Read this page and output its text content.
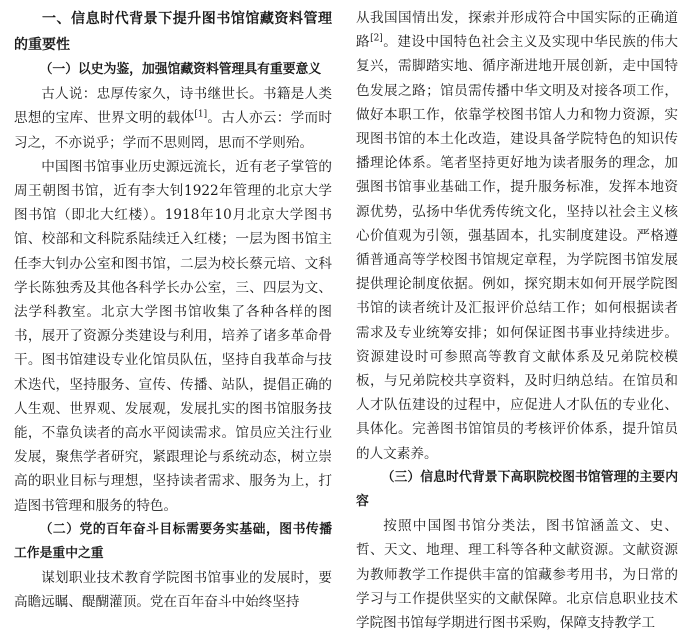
一、信息时代背景下提升图书馆馆藏资料管理的重要性

（一）以史为鉴，加强馆藏资料管理具有重要意义

古人说：忠厚传家久，诗书继世长。书籍是人类思想的宝库、世界文明的载体[1]。古人亦云：学而时习之，不亦说乎；学而不思则罔，思而不学则殆。

中国图书馆事业历史源远流长，近有老子掌管的周王朝图书馆，近有李大钊1922年管理的北京大学图书馆（即北大红楼）。1918年10月北京大学图书馆、校部和文科院系陆续迁入红楼；一层为图书馆主任李大钊办公室和图书馆，二层为校长蔡元培、文科学长陈独秀及其他各科学长办公室，三、四层为文、法学科教室。北京大学图书馆收集了各种各样的图书，展开了资源分类建设与利用，培养了诸多革命骨干。图书馆建设专业化馆员队伍，坚持自我革命与技术迭代，坚持服务、宣传、传播、站队，提倡正确的人生观、世界观、发展观，发展扎实的图书馆服务技能，不靠负读者的高水平阅读需求。馆员应关注行业发展，聚焦学者研究，紧跟理论与系统动态，树立崇高的职业目标与理想，坚持读者需求、服务为上，打造图书管理和服务的特色。

（二）党的百年奋斗目标需要务实基础，图书传播工作是重中之重

谋划职业技术教育学院图书馆事业的发展时，要高瞻远瞩、醍醐灌顶。党在百年奋斗中始终坚持

从我国国情出发，探索并形成符合中国实际的正确道路[2]。建设中国特色社会主义及实现中华民族的伟大复兴，需脚踏实地、循序渐进地开展创新，走中国特色发展之路；馆员需传播中华文明及对接各项工作，做好本职工作，依靠学校图书馆人力和物力资源，实现图书馆的本土化改造，建设具备学院特色的知识传播理论体系。笔者坚持更好地为读者服务的理念，加强图书馆事业基础工作，提升服务标准，发挥本地资源优势，弘扬中华优秀传统文化，坚持以社会主义核心价值观为引领，强基固本，扎实制度建设。严格遵循普通高等学校图书馆规定章程，为学院图书馆发展提供理论制度依据。例如，探究期末如何开展学院图书馆的读者统计及汇报评价总结工作；如何根据读者需求及专业统筹安排；如何保证图书事业持续进步。资源建设时可参照高等教育文献体系及兄弟院校模板，与兄弟院校共享资料，及时归纳总结。在馆员和人才队伍建设的过程中，应促进人才队伍的专业化、具体化。完善图书馆馆员的考核评价体系，提升馆员的人文素养。

（三）信息时代背景下高职院校图书馆管理的主要内容

按照中国图书馆分类法，图书馆涵盖文、史、哲、天文、地理、理工科等各种文献资源。文献资源为教师教学工作提供丰富的馆藏参考用书，为日常的学习与工作提供坚实的文献保障。北京信息职业技术学院图书馆每学期进行图书采购，保障支持教学工
